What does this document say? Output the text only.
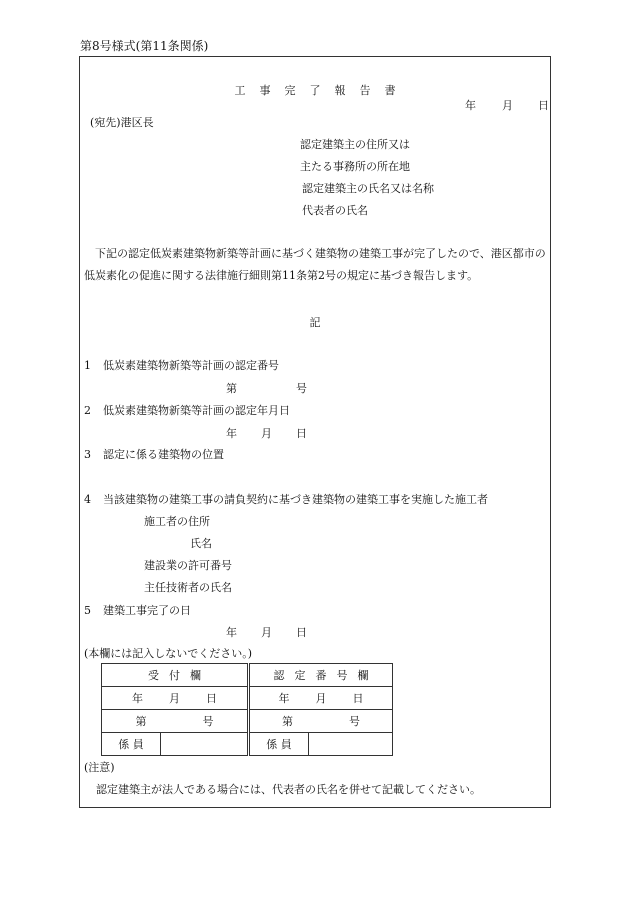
第8号様式(第11条関係)
工 事 完 了 報 告 書
年 月 日
(宛先)港区長
認定建築主の住所又は
主たる事務所の所在地
認定建築主の氏名又は名称
代表者の氏名
下記の認定低炭素建築物新築等計画に基づく建築物の建築工事が完了したので、港区都市の低炭素化の促進に関する法律施行細則第11条第2号の規定に基づき報告します。
記
1 低炭素建築物新築等計画の認定番号
第	号
2 低炭素建築物新築等計画の認定年月日
年 月 日
3 認定に係る建築物の位置
4 当該建築物の建築工事の請負契約に基づき建築物の建築工事を実施した施工者
施工者の住所
氏名
建設業の許可番号
主任技術者の氏名
5 建築工事完了の日
年 月 日
(本欄には記入しないでください。)
受 付 欄		認 定 番 号 欄	
年 月 日		年 月 日	
第 号		第 号	
係 員		係 員	
(注意)
認定建築主が法人である場合には、代表者の氏名を併せて記載してください。
